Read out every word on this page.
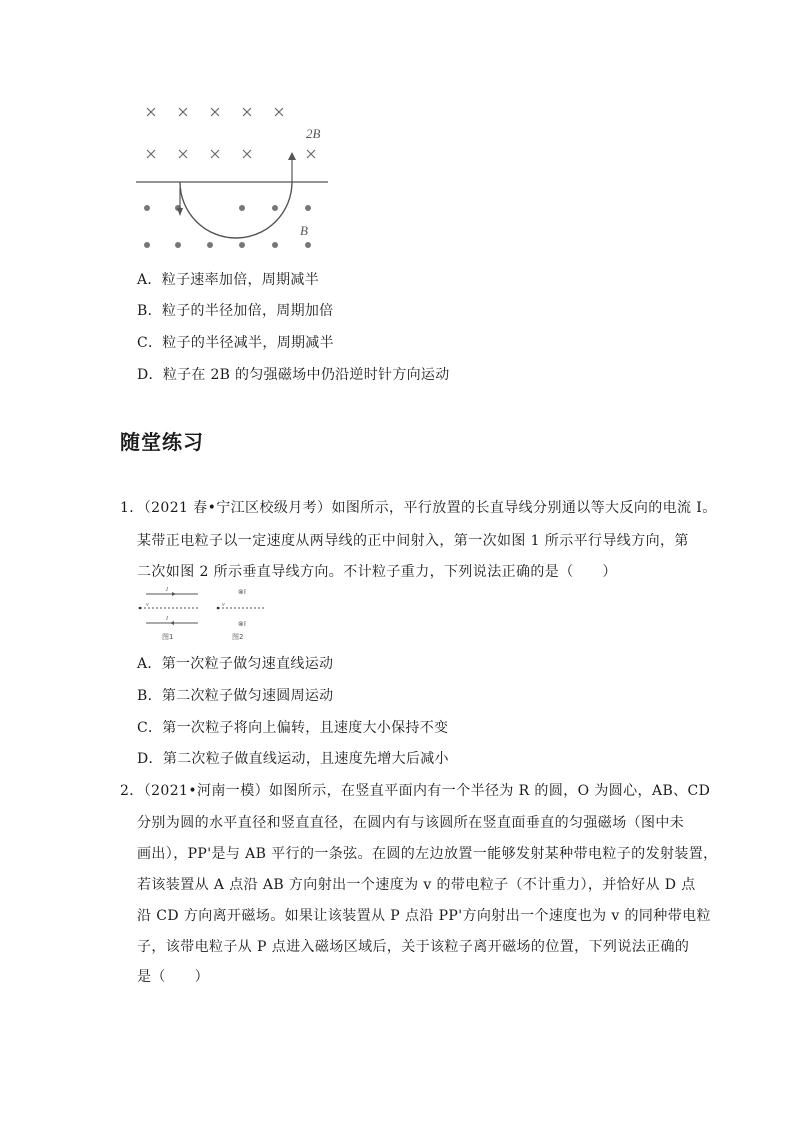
2B
B
A．粒子速率加倍，周期减半
B．粒子的半径加倍，周期加倍
C．粒子的半径减半，周期减半
D．粒子在 2B 的匀强磁场中仍沿逆时针方向运动
随堂练习
1．（2021 春•宁江区校级月考）如图所示，平行放置的长直导线分别通以等大反向的电流 I。
某带正电粒子以一定速度从两导线的正中间射入，第一次如图 1 所示平行导线方向，第
二次如图 2 所示垂直导线方向。不计粒子重力，下列说法正确的是（　　）
I
I
v	v
⊗I
⊗I
图1	图2
A．第一次粒子做匀速直线运动
B．第二次粒子做匀速圆周运动
C．第一次粒子将向上偏转，且速度大小保持不变
D．第二次粒子做直线运动，且速度先增大后减小
2．（2021•河南一模）如图所示，在竖直平面内有一个半径为 R 的圆，O 为圆心，AB、CD
分别为圆的水平直径和竖直直径，在圆内有与该圆所在竖直面垂直的匀强磁场（图中未
画出），PP'是与 AB 平行的一条弦。在圆的左边放置一能够发射某种带电粒子的发射装置，
若该装置从 A 点沿 AB 方向射出一个速度为 v 的带电粒子（不计重力），并恰好从 D 点
沿 CD 方向离开磁场。如果让该装置从 P 点沿 PP'方向射出一个速度也为 v 的同种带电粒
子，该带电粒子从 P 点进入磁场区域后，关于该粒子离开磁场的位置，下列说法正确的
是（　　）
